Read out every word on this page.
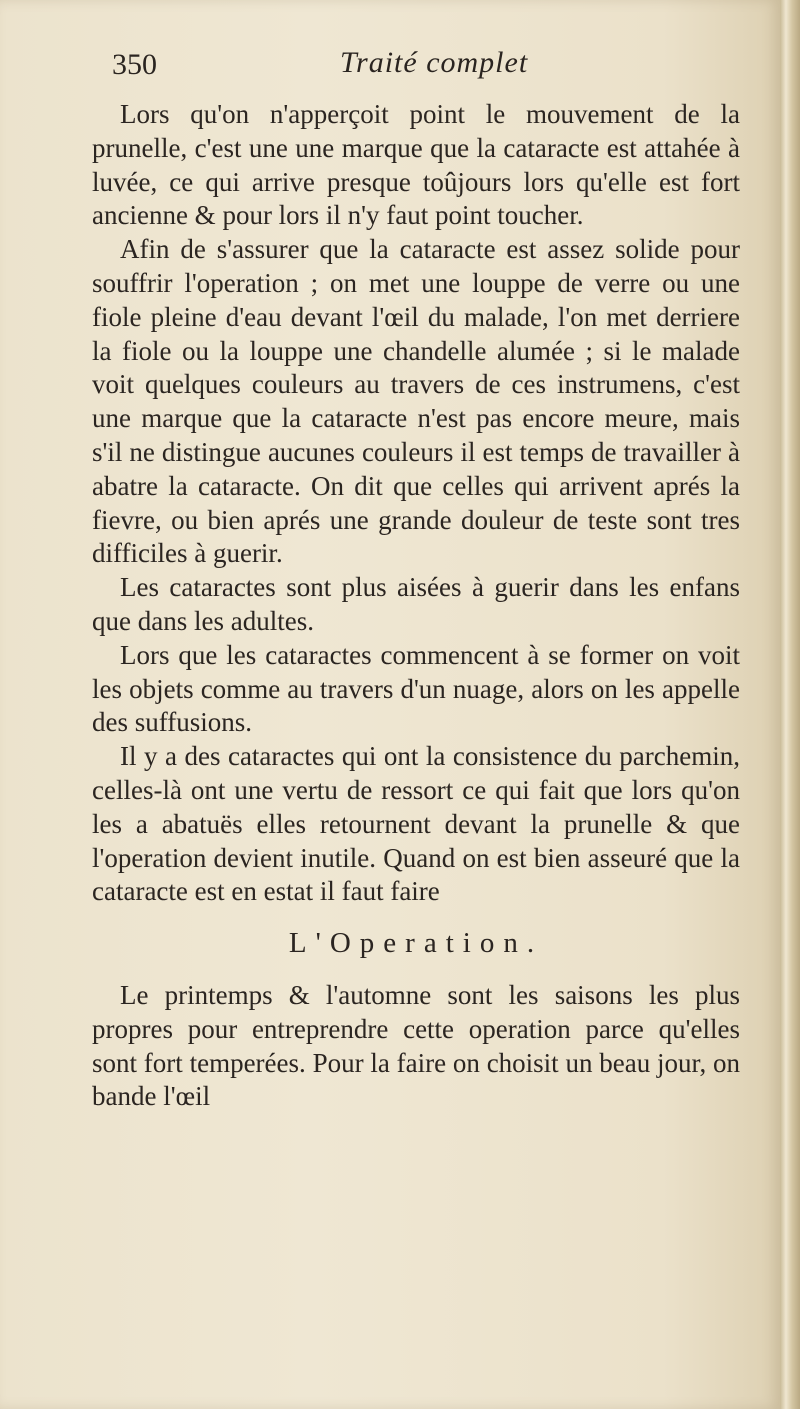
350	Traité complet

Lors qu'on n'apperçoit point le mouvement de la prunelle, c'est une une marque que la cataracte est attahée à luvée, ce qui arrive presque toûjours lors qu'elle est fort ancienne & pour lors il n'y faut point toucher.

Afin de s'assurer que la cataracte est assez solide pour souffrir l'operation ; on met une louppe de verre ou une fiole pleine d'eau devant l'œil du malade, l'on met derriere la fiole ou la louppe une chandelle alumée ; si le malade voit quelques couleurs au travers de ces instrumens, c'est une marque que la cataracte n'est pas encore meure, mais s'il ne distingue aucunes couleurs il est temps de travailler à abatre la cataracte. On dit que celles qui arrivent aprés la fievre, ou bien aprés une grande douleur de teste sont tres difficiles à guerir.

Les cataractes sont plus aisées à guerir dans les enfans que dans les adultes.

Lors que les cataractes commencent à se former on voit les objets comme au travers d'un nuage, alors on les appelle des suffusions.

Il y a des cataractes qui ont la consistence du parchemin, celles-là ont une vertu de ressort ce qui fait que lors qu'on les a abatuës elles retournent devant la prunelle & que l'operation devient inutile. Quand on est bien asseuré que la cataracte est en estat il faut faire

L'Operation.

Le printemps & l'automne sont les saisons les plus propres pour entreprendre cette operation parce qu'elles sont fort temperées. Pour la faire on choisit un beau jour, on bande l'œil
